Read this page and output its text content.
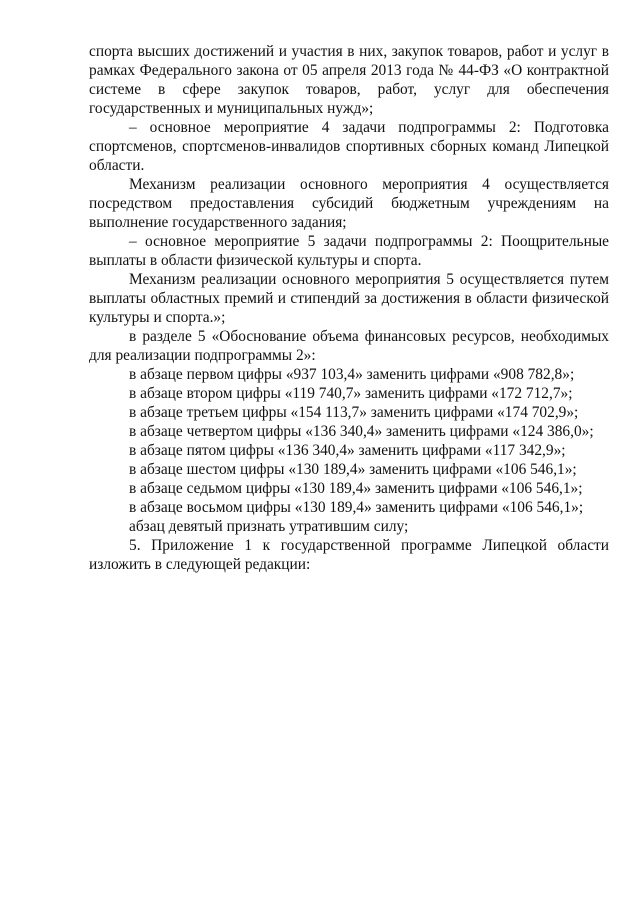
спорта высших достижений и участия в них, закупок товаров, работ и услуг в рамках Федерального закона от 05 апреля 2013 года № 44-ФЗ «О контрактной системе в сфере закупок товаров, работ, услуг для обеспечения государственных и муниципальных нужд»;

– основное мероприятие 4 задачи подпрограммы 2: Подготовка спортсменов, спортсменов-инвалидов спортивных сборных команд Липецкой области.

Механизм реализации основного мероприятия 4 осуществляется посредством предоставления субсидий бюджетным учреждениям на выполнение государственного задания;

– основное мероприятие 5 задачи подпрограммы 2: Поощрительные выплаты в области физической культуры и спорта.

Механизм реализации основного мероприятия 5 осуществляется путем выплаты областных премий и стипендий за достижения в области физической культуры и спорта.»;

в разделе 5 «Обоснование объема финансовых ресурсов, необходимых для реализации подпрограммы 2»:

в абзаце первом цифры «937 103,4» заменить цифрами «908 782,8»;

в абзаце втором цифры «119 740,7» заменить цифрами «172 712,7»;

в абзаце третьем цифры «154 113,7» заменить цифрами «174 702,9»;

в абзаце четвертом цифры «136 340,4» заменить цифрами «124 386,0»;

в абзаце пятом цифры «136 340,4» заменить цифрами «117 342,9»;

в абзаце шестом цифры «130 189,4» заменить цифрами «106 546,1»;

в абзаце седьмом цифры «130 189,4» заменить цифрами «106 546,1»;

в абзаце восьмом цифры «130 189,4» заменить цифрами «106 546,1»;

абзац девятый признать утратившим силу;

5. Приложение 1 к государственной программе Липецкой области изложить в следующей редакции:
